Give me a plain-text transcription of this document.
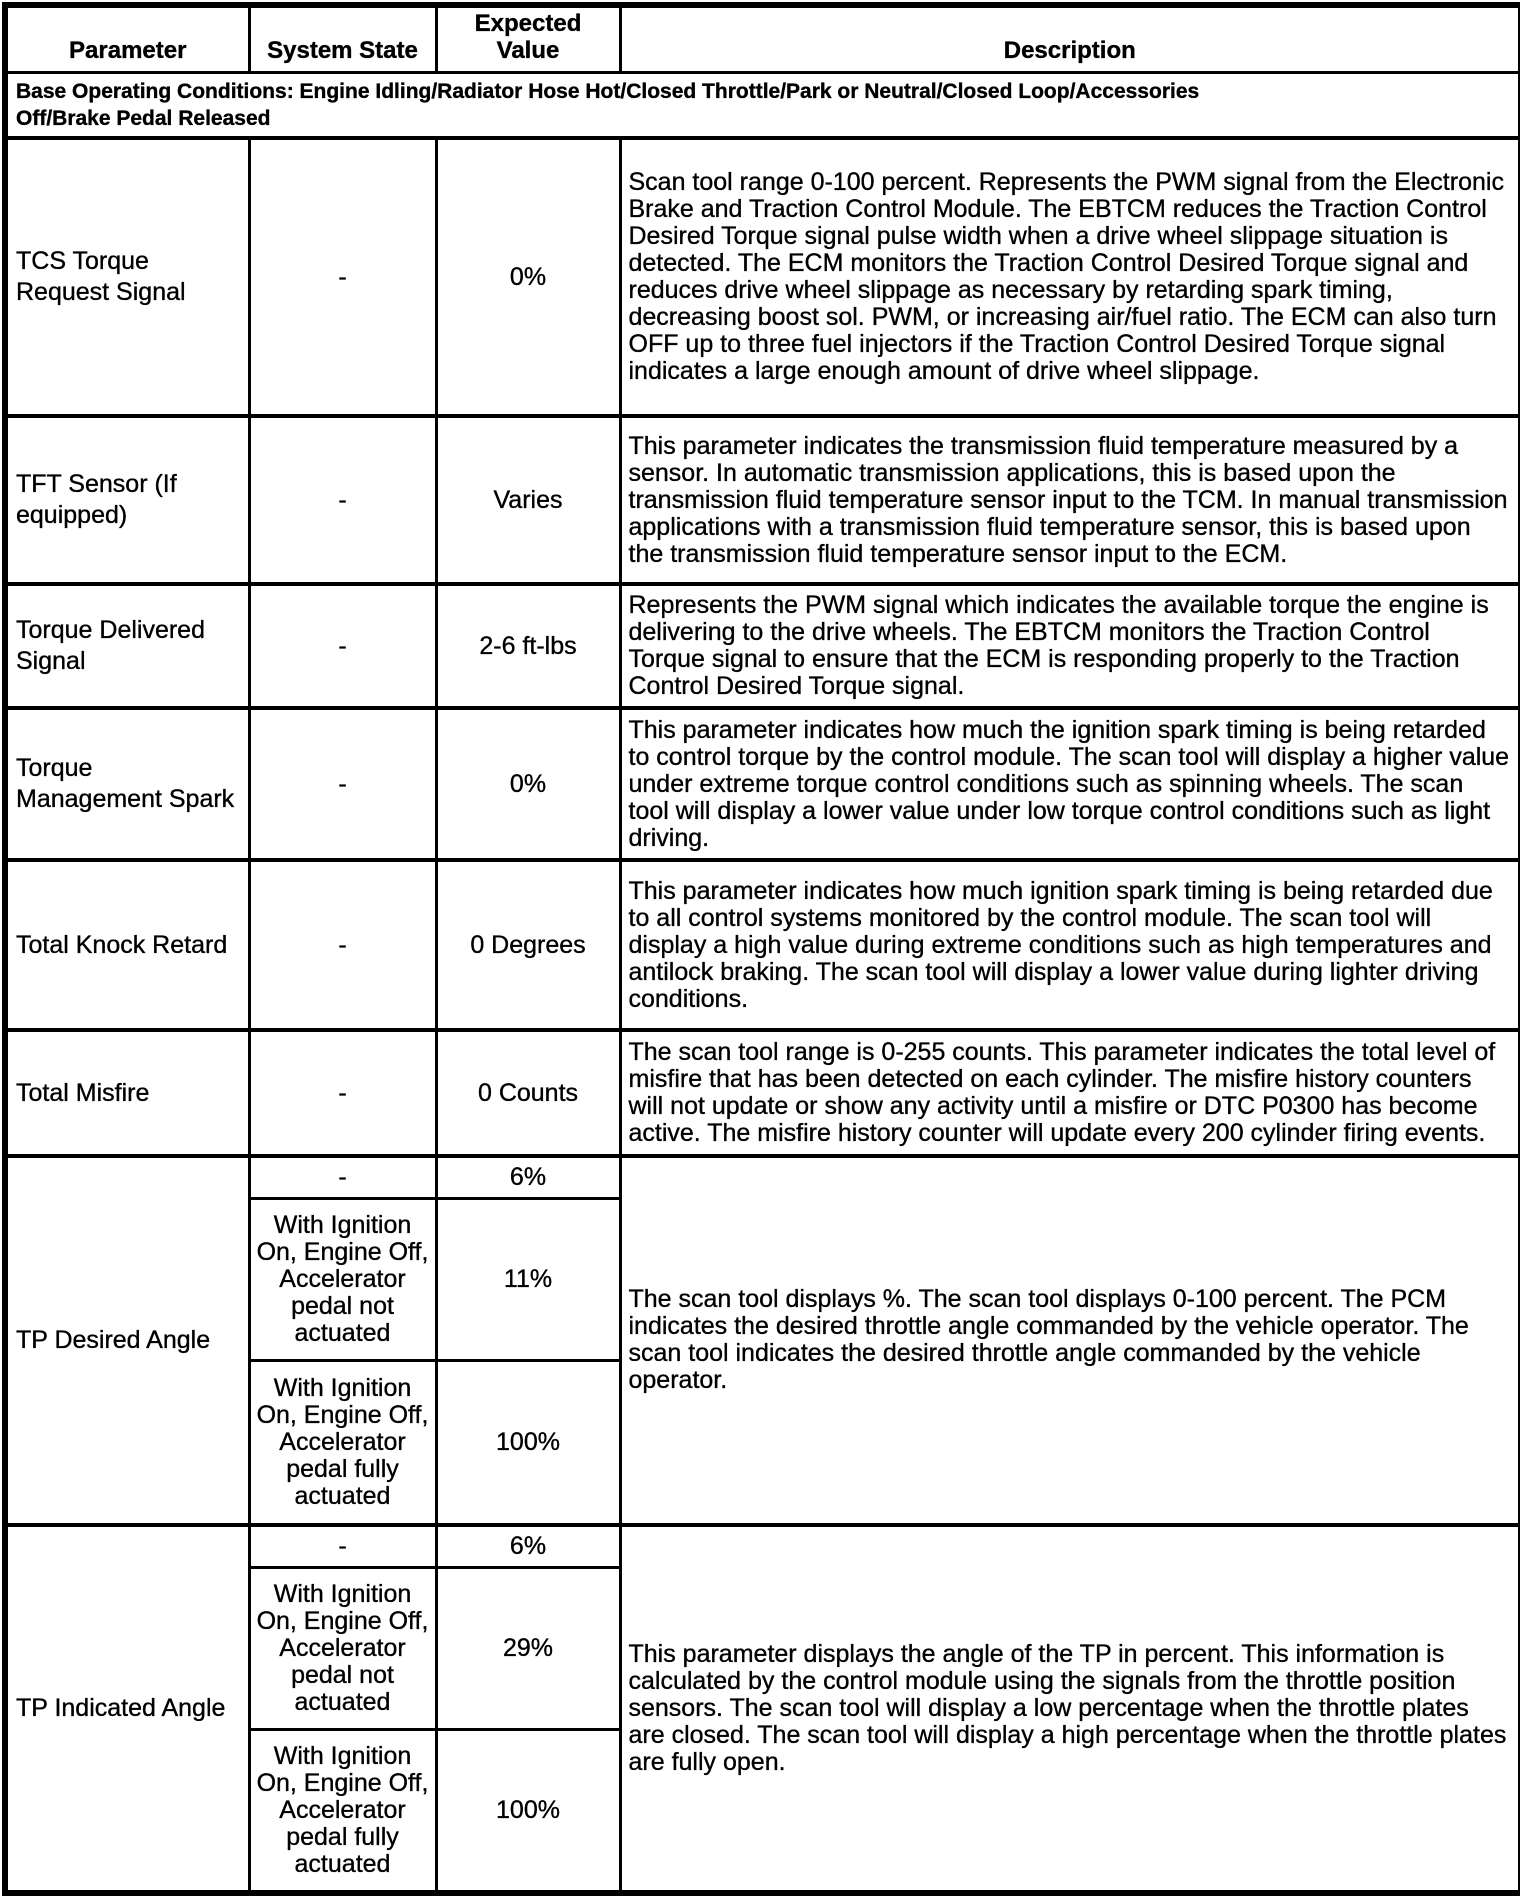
Parameter	System State	Expected Value	Description

Base Operating Conditions: Engine Idling/Radiator Hose Hot/Closed Throttle/Park or Neutral/Closed Loop/Accessories
Off/Brake Pedal Released			

TCS Torque Request Signal	-	0%	Scan tool range 0-100 percent. Represents the PWM signal from the Electronic Brake and Traction Control Module. The EBTCM reduces the Traction Control Desired Torque signal pulse width when a drive wheel slippage situation is detected. The ECM monitors the Traction Control Desired Torque signal and reduces drive wheel slippage as necessary by retarding spark timing, decreasing boost sol. PWM, or increasing air/fuel ratio. The ECM can also turn OFF up to three fuel injectors if the Traction Control Desired Torque signal indicates a large enough amount of drive wheel slippage.
TFT Sensor (If equipped)	-	Varies	This parameter indicates the transmission fluid temperature measured by a sensor. In automatic transmission applications, this is based upon the transmission fluid temperature sensor input to the TCM. In manual transmission applications with a transmission fluid temperature sensor, this is based upon the transmission fluid temperature sensor input to the ECM.
Torque Delivered Signal	-	2-6 ft-lbs	Represents the PWM signal which indicates the available torque the engine is delivering to the drive wheels. The EBTCM monitors the Traction Control Torque signal to ensure that the ECM is responding properly to the Traction Control Desired Torque signal.
Torque Management Spark	-	0%	This parameter indicates how much the ignition spark timing is being retarded to control torque by the control module. The scan tool will display a higher value under extreme torque control conditions such as spinning wheels. The scan tool will display a lower value under low torque control conditions such as light driving.
Total Knock Retard	-	0 Degrees	This parameter indicates how much ignition spark timing is being retarded due to all control systems monitored by the control module. The scan tool will display a high value during extreme conditions such as high temperatures and antilock braking. The scan tool will display a lower value during lighter driving conditions.
Total Misfire	-	0 Counts	The scan tool range is 0-255 counts. This parameter indicates the total level of misfire that has been detected on each cylinder. The misfire history counters will not update or show any activity until a misfire or DTC P0300 has become active. The misfire history counter will update every 200 cylinder firing events.
TP Desired Angle	-	6%	The scan tool displays %. The scan tool displays 0-100 percent. The PCM indicates the desired throttle angle commanded by the vehicle operator. The scan tool indicates the desired throttle angle commanded by the vehicle operator.
	With Ignition On, Engine Off, Accelerator pedal not actuated	11%	
	With Ignition On, Engine Off, Accelerator pedal fully actuated	100%	
TP Indicated Angle	-	6%	This parameter displays the angle of the TP in percent. This information is calculated by the control module using the signals from the throttle position sensors. The scan tool will display a low percentage when the throttle plates are closed. The scan tool will display a high percentage when the throttle plates are fully open.
	With Ignition On, Engine Off, Accelerator pedal not actuated	29%	
	With Ignition On, Engine Off, Accelerator pedal fully actuated	100%	
